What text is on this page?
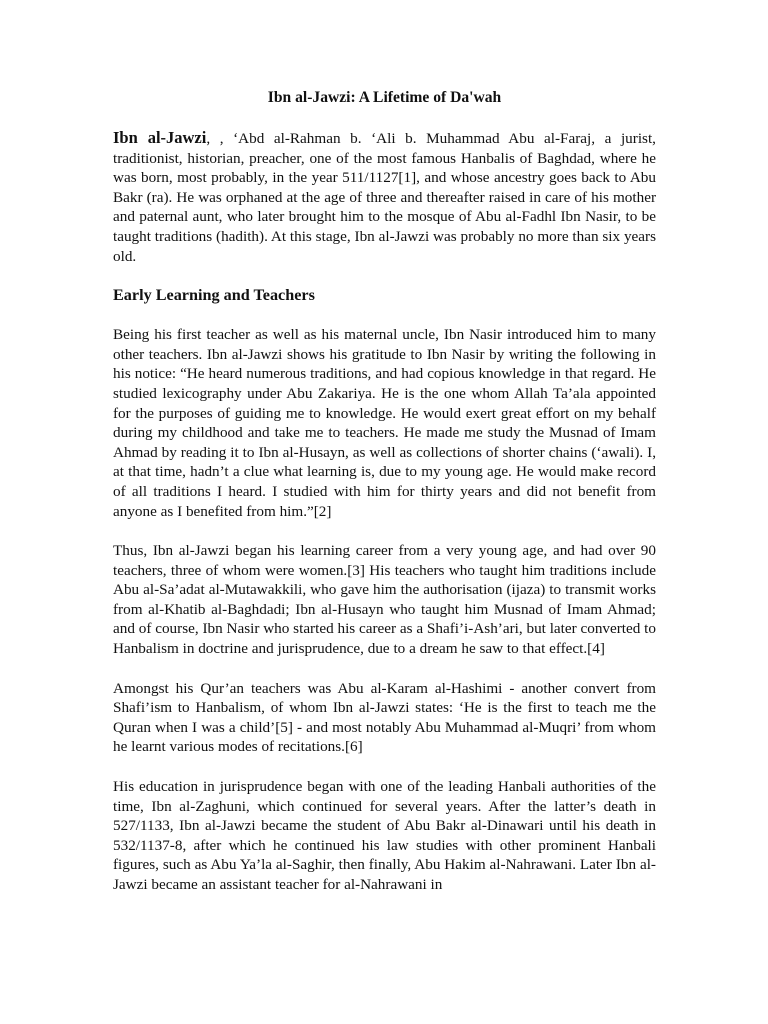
Ibn al-Jawzi: A Lifetime of Da'wah

Ibn al-Jawzi, , ‘Abd al-Rahman b. ‘Ali b. Muhammad Abu al-Faraj, a jurist, traditionist, historian, preacher, one of the most famous Hanbalis of Baghdad, where he was born, most probably, in the year 511/1127[1], and whose ancestry goes back to Abu Bakr (ra). He was orphaned at the age of three and thereafter raised in care of his mother and paternal aunt, who later brought him to the mosque of Abu al-Fadhl Ibn Nasir, to be taught traditions (hadith). At this stage, Ibn al-Jawzi was probably no more than six years old.

Early Learning and Teachers

Being his first teacher as well as his maternal uncle, Ibn Nasir introduced him to many other teachers. Ibn al-Jawzi shows his gratitude to Ibn Nasir by writing the following in his notice: “He heard numerous traditions, and had copious knowledge in that regard. He studied lexicography under Abu Zakariya. He is the one whom Allah Ta’ala appointed for the purposes of guiding me to knowledge. He would exert great effort on my behalf during my childhood and take me to teachers. He made me study the Musnad of Imam Ahmad by reading it to Ibn al-Husayn, as well as collections of shorter chains (‘awali). I, at that time, hadn’t a clue what learning is, due to my young age. He would make record of all traditions I heard. I studied with him for thirty years and did not benefit from anyone as I benefited from him.”[2]

Thus, Ibn al-Jawzi began his learning career from a very young age, and had over 90 teachers, three of whom were women.[3] His teachers who taught him traditions include Abu al-Sa’adat al-Mutawakkili, who gave him the authorisation (ijaza) to transmit works from al-Khatib al-Baghdadi; Ibn al-Husayn who taught him Musnad of Imam Ahmad; and of course, Ibn Nasir who started his career as a Shafi’i-Ash’ari, but later converted to Hanbalism in doctrine and jurisprudence, due to a dream he saw to that effect.[4]

Amongst his Qur’an teachers was Abu al-Karam al-Hashimi - another convert from Shafi’ism to Hanbalism, of whom Ibn al-Jawzi states: ‘He is the first to teach me the Quran when I was a child’[5] - and most notably Abu Muhammad al-Muqri’ from whom he learnt various modes of recitations.[6]

His education in jurisprudence began with one of the leading Hanbali authorities of the time, Ibn al-Zaghuni, which continued for several years. After the latter’s death in 527/1133, Ibn al-Jawzi became the student of Abu Bakr al-Dinawari until his death in 532/1137-8, after which he continued his law studies with other prominent Hanbali figures, such as Abu Ya’la al-Saghir, then finally, Abu Hakim al-Nahrawani. Later Ibn al-Jawzi became an assistant teacher for al-Nahrawani in
